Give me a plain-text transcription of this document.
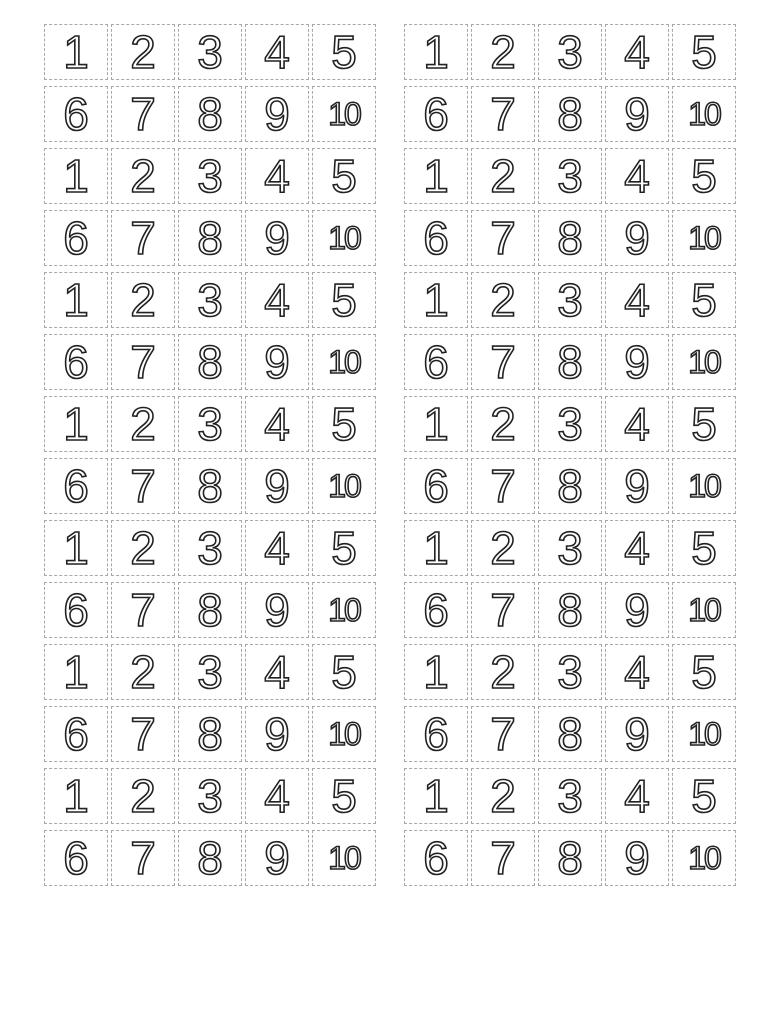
1 2 3 4 5
6 7 8 9 10
1 2 3 4 5
6 7 8 9 10
1 2 3 4 5
6 7 8 9 10
1 2 3 4 5
6 7 8 9 10
1 2 3 4 5
6 7 8 9 10
1 2 3 4 5
6 7 8 9 10
1 2 3 4 5
6 7 8 9 10
1 2 3 4 5
6 7 8 9 10
1 2 3 4 5
6 7 8 9 10
1 2 3 4 5
6 7 8 9 10
1 2 3 4 5
6 7 8 9 10
1 2 3 4 5
6 7 8 9 10
1 2 3 4 5
6 7 8 9 10
1 2 3 4 5
6 7 8 9 10
